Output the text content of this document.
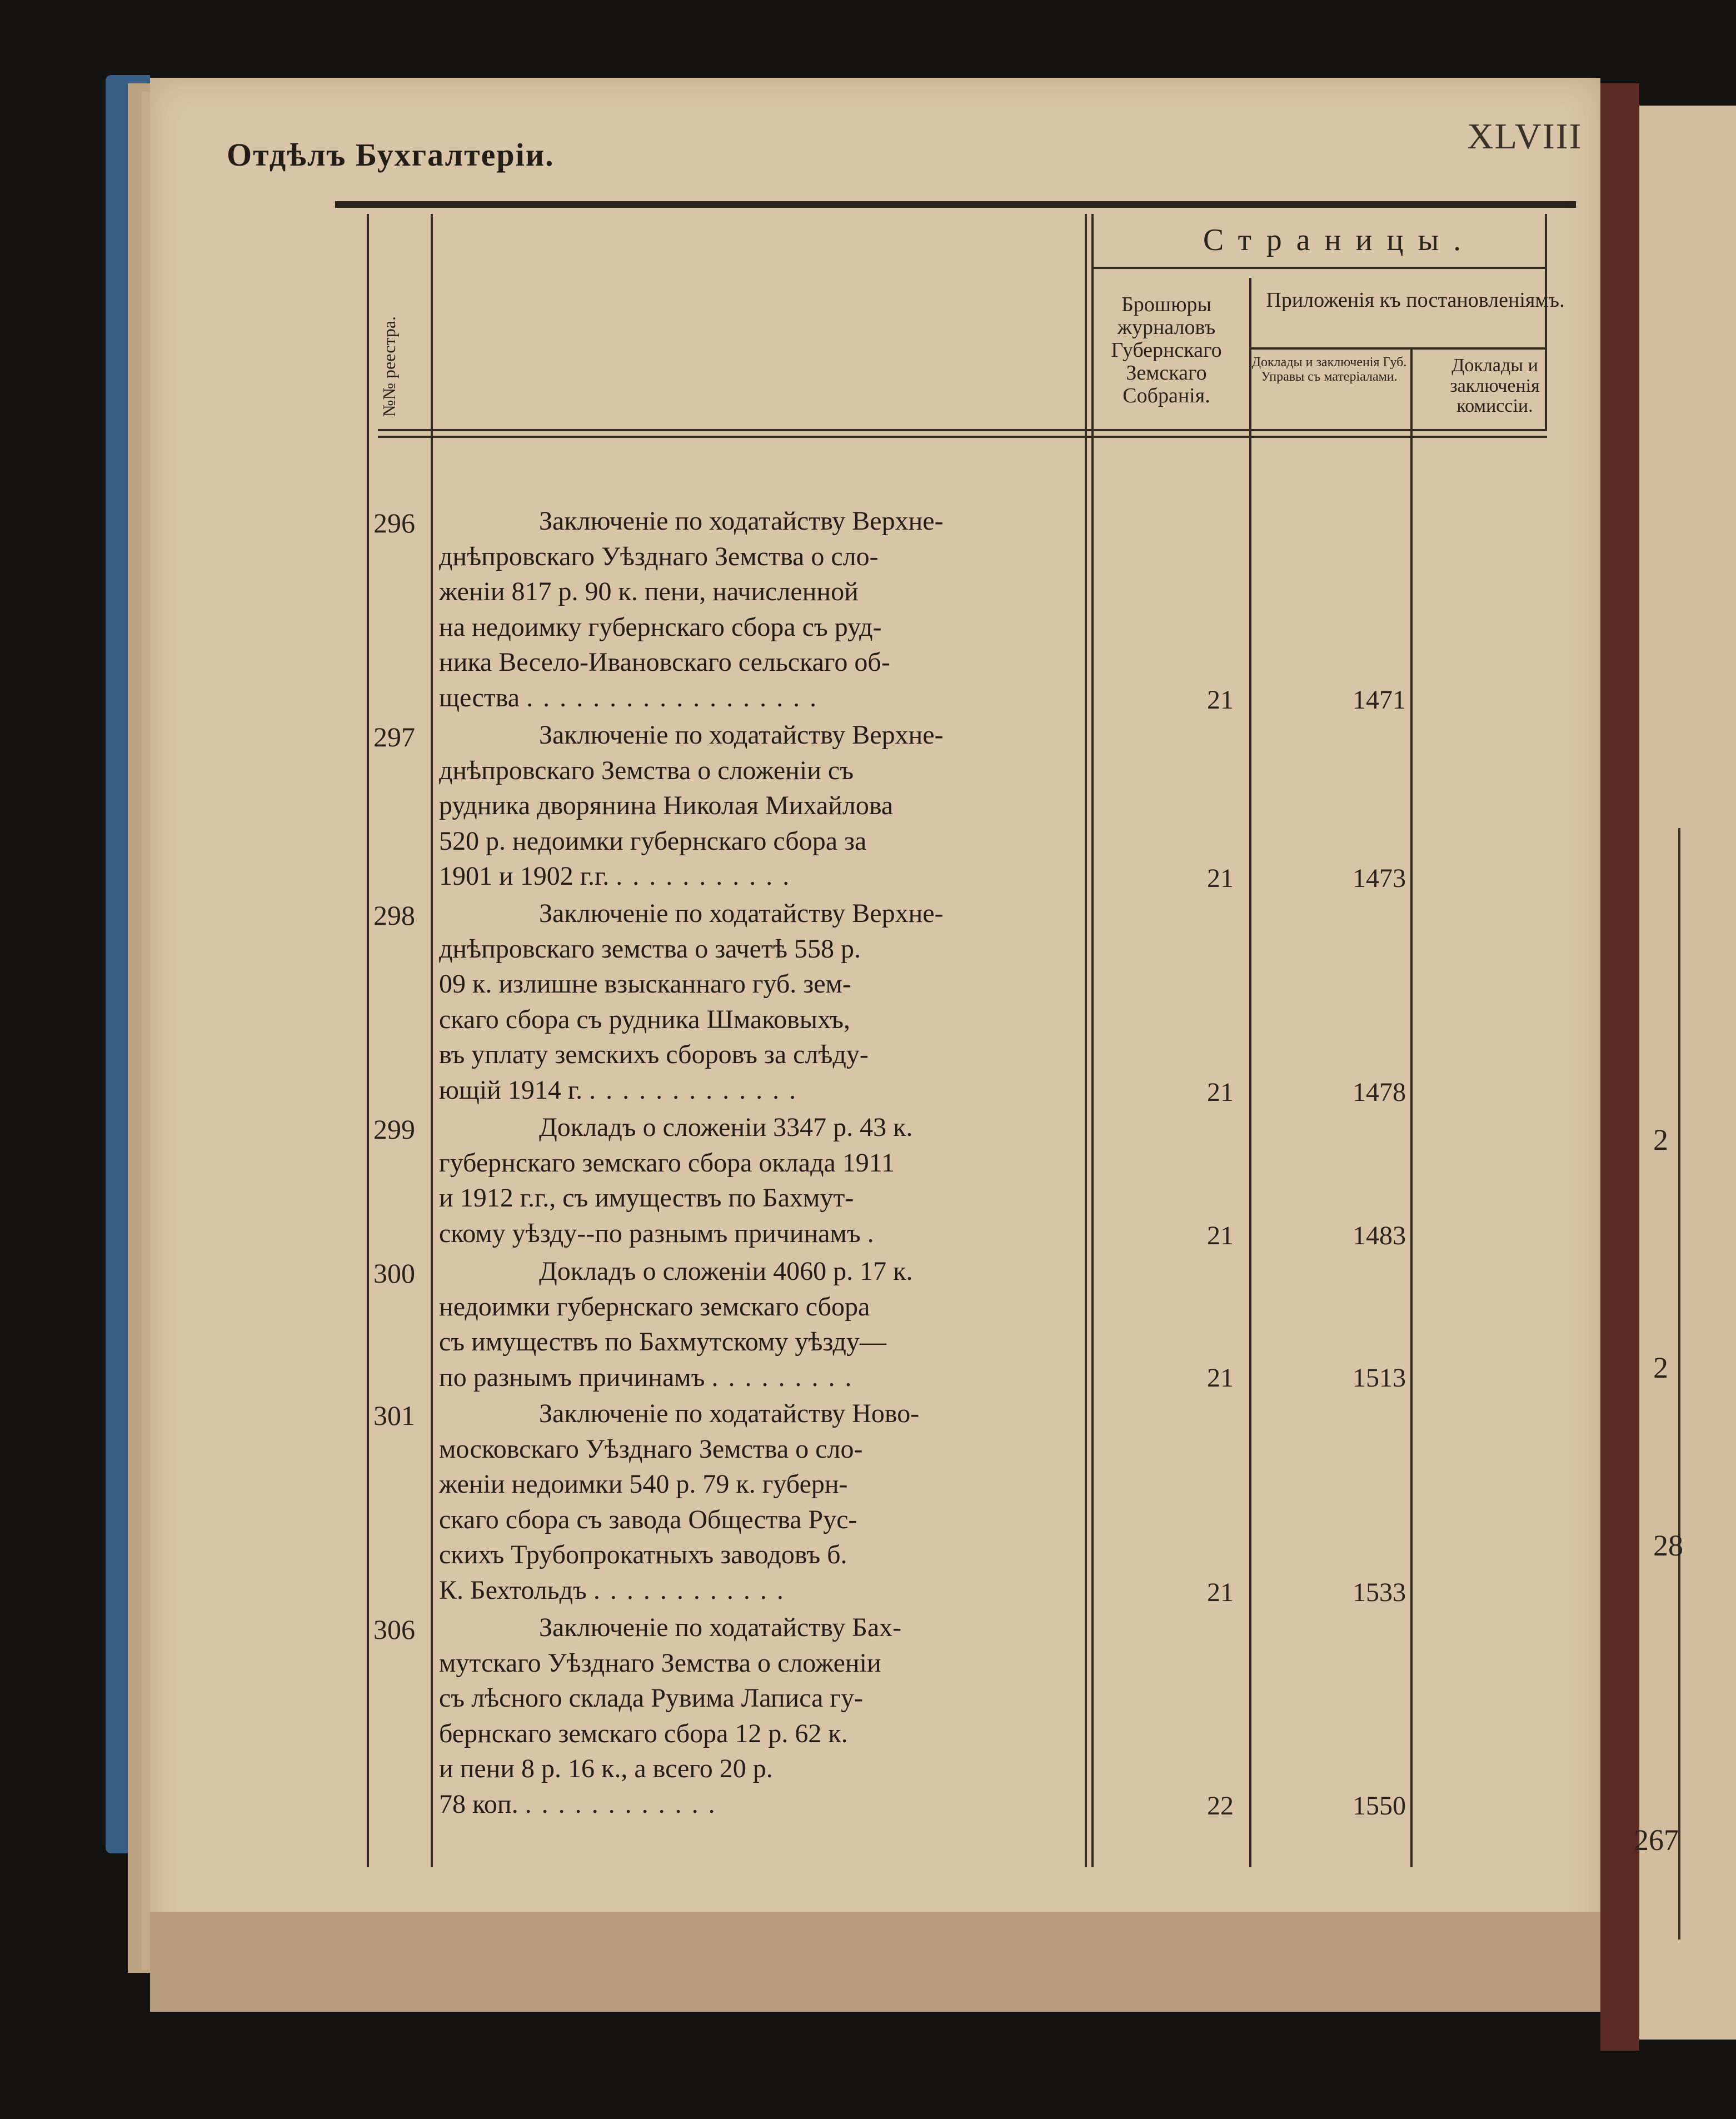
2
2
28
267
Отдѣлъ Бухгалтеріи.	XLVIII
№№ реестра.
Страницы.
Брошюры журналовъ Губернскаго Земскаго Собранія.
Приложенія къ постановленіямъ.
Доклады и заключенія Губ. Управы съ матеріалами.
Доклады и заключенія комиссіи.
296	Заключеніе по ходатайству Верхне-
днѣпровскаго Уѣзднаго Земства о сло-
женіи 817 р. 90 к. пени, начисленной
на недоимку губернскаго сбора съ руд-
ника Весело-Ивановскаго сельскаго об-
щества ..................	21	1471
297	Заключеніе по ходатайству Верхне-
днѣпровскаго Земства о сложеніи съ
рудника дворянина Николая Михайлова
520 р. недоимки губернскаго сбора за
1901 и 1902 г.г. ...........	21	1473
298	Заключеніе по ходатайству Верхне-
днѣпровскаго земства о зачетѣ 558 р.
09 к. излишне взысканнаго губ. зем-
скаго сбора съ рудника Шмаковыхъ,
въ уплату земскихъ сборовъ за слѣду-
ющій 1914 г. .............	21	1478
299	Докладъ о сложеніи 3347 р. 43 к.
губернскаго земскаго сбора оклада 1911
и 1912 г.г., съ имуществъ по Бахмут-
скому уѣзду--по разнымъ причинамъ .	21	1483
300	Докладъ о сложеніи 4060 р. 17 к.
недоимки губернскаго земскаго сбора
съ имуществъ по Бахмутскому уѣзду—
по разнымъ причинамъ .........	21	1513
301	Заключеніе по ходатайству Ново-
московскаго Уѣзднаго Земства о сло-
женіи недоимки 540 р. 79 к. губерн-
скаго сбора съ завода Общества Рус-
скихъ Трубопрокатныхъ заводовъ б.
К. Бехтольдъ ............	21	1533
306	Заключеніе по ходатайству Бах-
мутскаго Уѣзднаго Земства о сложеніи
съ лѣсного склада Рувима Лаписа гу-
бернскаго земскаго сбора 12 р. 62 к.
и пени 8 р. 16 к., а всего 20 р.
78 коп. ............	22	1550
